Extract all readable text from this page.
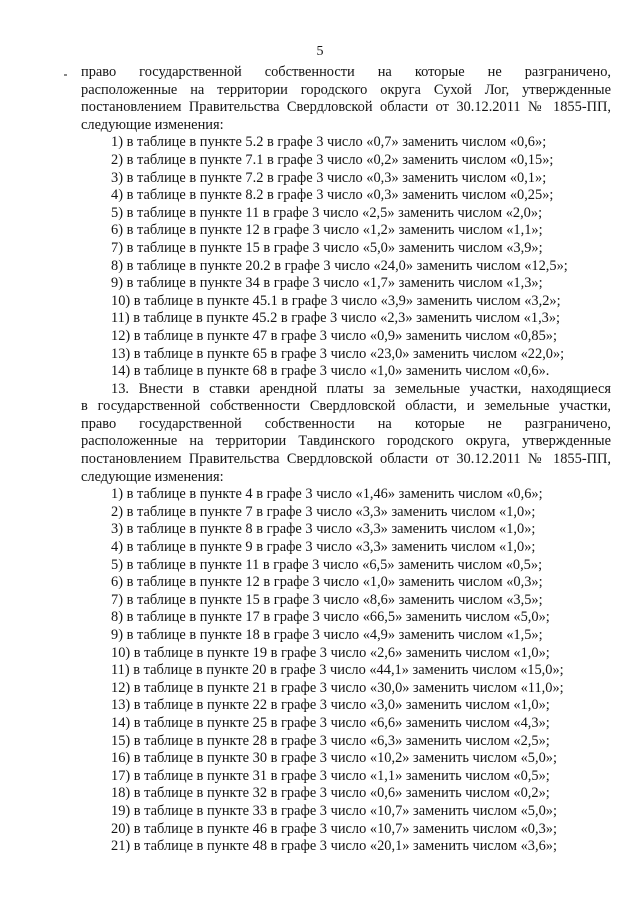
5
право государственной собственности на которые не разграничено,
расположенные на территории городского округа Сухой Лог, утвержденные
постановлением Правительства Свердловской области от 30.12.2011 № 1855-ПП,
следующие изменения:
1) в таблице в пункте 5.2 в графе 3 число «0,7» заменить числом «0,6»;
2) в таблице в пункте 7.1 в графе 3 число «0,2» заменить числом «0,15»;
3) в таблице в пункте 7.2 в графе 3 число «0,3» заменить числом «0,1»;
4) в таблице в пункте 8.2 в графе 3 число «0,3» заменить числом «0,25»;
5) в таблице в пункте 11 в графе 3 число «2,5» заменить числом «2,0»;
6) в таблице в пункте 12 в графе 3 число «1,2» заменить числом «1,1»;
7) в таблице в пункте 15 в графе 3 число «5,0» заменить числом «3,9»;
8) в таблице в пункте 20.2 в графе 3 число «24,0» заменить числом «12,5»;
9) в таблице в пункте 34 в графе 3 число «1,7» заменить числом «1,3»;
10) в таблице в пункте 45.1 в графе 3 число «3,9» заменить числом «3,2»;
11) в таблице в пункте 45.2 в графе 3 число «2,3» заменить числом «1,3»;
12) в таблице в пункте 47 в графе 3 число «0,9» заменить числом «0,85»;
13) в таблице в пункте 65 в графе 3 число «23,0» заменить числом «22,0»;
14) в таблице в пункте 68 в графе 3 число «1,0» заменить числом «0,6».
13. Внести в ставки арендной платы за земельные участки, находящиеся
в государственной собственности Свердловской области, и земельные участки,
право государственной собственности на которые не разграничено,
расположенные на территории Тавдинского городского округа, утвержденные
постановлением Правительства Свердловской области от 30.12.2011 № 1855-ПП,
следующие изменения:
1) в таблице в пункте 4 в графе 3 число «1,46» заменить числом «0,6»;
2) в таблице в пункте 7 в графе 3 число «3,3» заменить числом «1,0»;
3) в таблице в пункте 8 в графе 3 число «3,3» заменить числом «1,0»;
4) в таблице в пункте 9 в графе 3 число «3,3» заменить числом «1,0»;
5) в таблице в пункте 11 в графе 3 число «6,5» заменить числом «0,5»;
6) в таблице в пункте 12 в графе 3 число «1,0» заменить числом «0,3»;
7) в таблице в пункте 15 в графе 3 число «8,6» заменить числом «3,5»;
8) в таблице в пункте 17 в графе 3 число «66,5» заменить числом «5,0»;
9) в таблице в пункте 18 в графе 3 число «4,9» заменить числом «1,5»;
10) в таблице в пункте 19 в графе 3 число «2,6» заменить числом «1,0»;
11) в таблице в пункте 20 в графе 3 число «44,1» заменить числом «15,0»;
12) в таблице в пункте 21 в графе 3 число «30,0» заменить числом «11,0»;
13) в таблице в пункте 22 в графе 3 число «3,0» заменить числом «1,0»;
14) в таблице в пункте 25 в графе 3 число «6,6» заменить числом «4,3»;
15) в таблице в пункте 28 в графе 3 число «6,3» заменить числом «2,5»;
16) в таблице в пункте 30 в графе 3 число «10,2» заменить числом «5,0»;
17) в таблице в пункте 31 в графе 3 число «1,1» заменить числом «0,5»;
18) в таблице в пункте 32 в графе 3 число «0,6» заменить числом «0,2»;
19) в таблице в пункте 33 в графе 3 число «10,7» заменить числом «5,0»;
20) в таблице в пункте 46 в графе 3 число «10,7» заменить числом «0,3»;
21) в таблице в пункте 48 в графе 3 число «20,1» заменить числом «3,6»;
